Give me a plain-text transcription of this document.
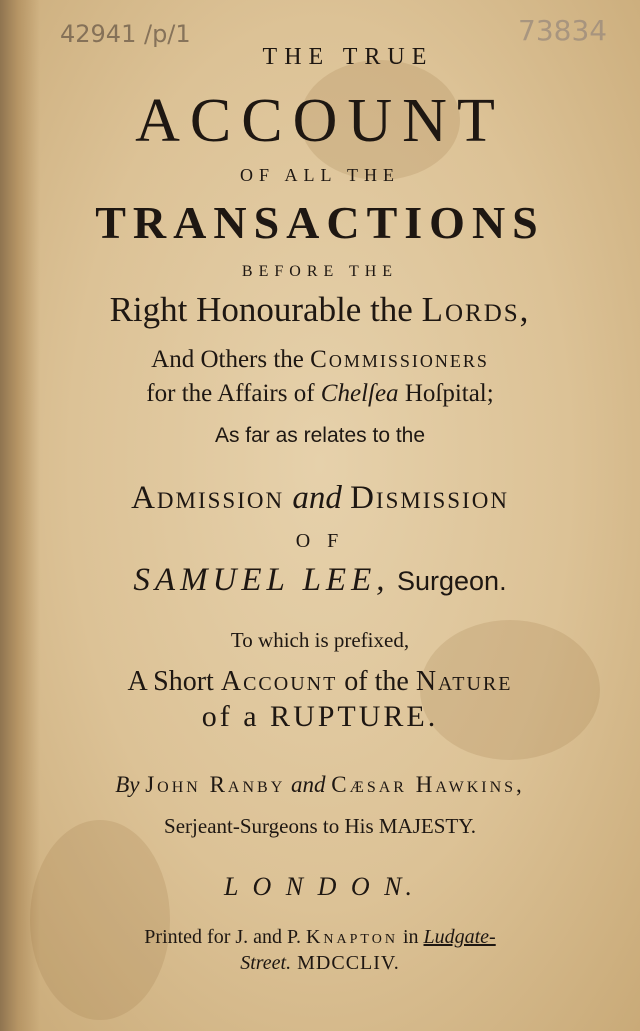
42941 /p/1	73834
THE TRUE
ACCOUNT
OF ALL THE
TRANSACTIONS
BEFORE THE
Right Honourable the Lords,
And Others the Commissioners
for the Affairs of Chelſea Hoſpital;
As far as relates to the
Admission and Dismission
O F
SAMUEL LEE, Surgeon.
To which is prefixed,
A Short Account of the Nature
of a RUPTURE.
By John Ranby and Cæsar Hawkins,
Serjeant-Surgeons to His MAJESTY.
L O N D O N.
Printed for J. and P. Knapton in Ludgate-
Street. MDCCLIV.
